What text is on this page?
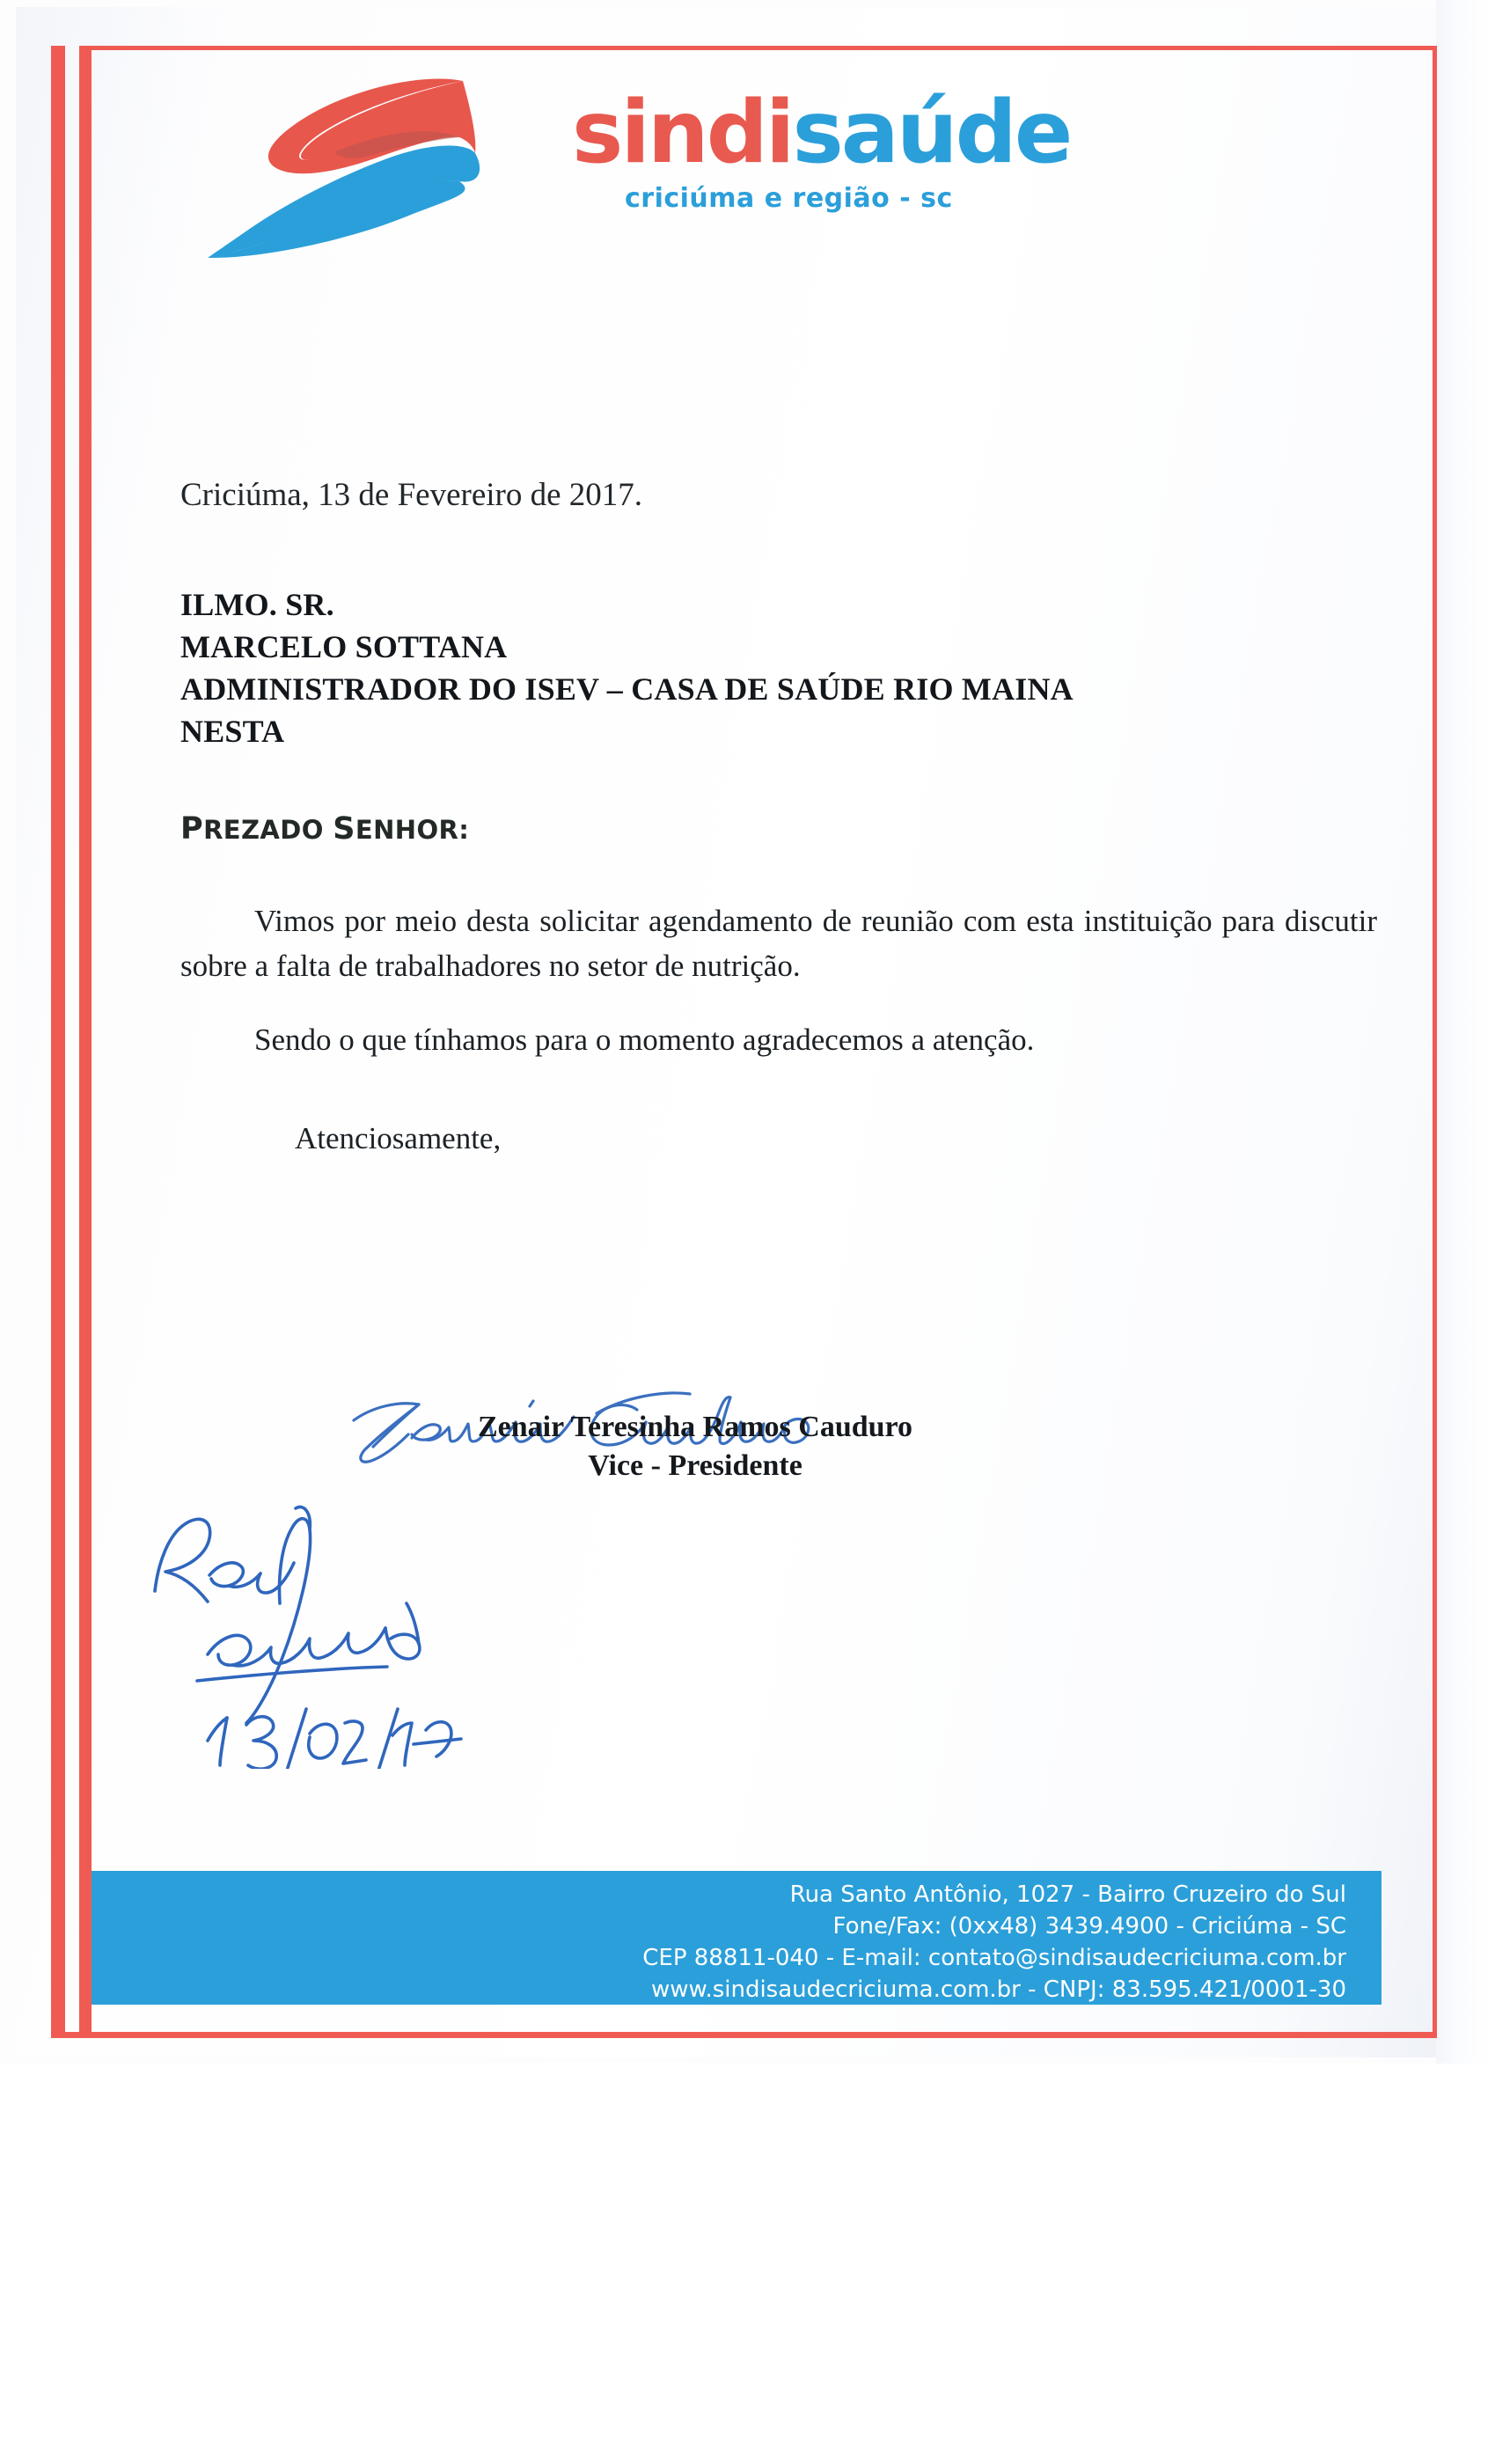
sindisaúde
criciúma e região - sc
Criciúma, 13 de Fevereiro de 2017.
ILMO. SR.
MARCELO SOTTANA
ADMINISTRADOR DO ISEV – CASA DE SAÚDE RIO MAINA
NESTA
PREZADO SENHOR:
Vimos por meio desta solicitar agendamento de reunião com esta instituição para discutir sobre a falta de trabalhadores no setor de nutrição.
Sendo o que tínhamos para o momento agradecemos a atenção.
Atenciosamente,
Zenair Teresinha Ramos Cauduro
Vice - Presidente
Rua Santo Antônio, 1027 - Bairro Cruzeiro do Sul
Fone/Fax: (0xx48) 3439.4900 - Criciúma - SC
CEP 88811-040 - E-mail: contato@sindisaudecriciuma.com.br
www.sindisaudecriciuma.com.br - CNPJ: 83.595.421/0001-30
